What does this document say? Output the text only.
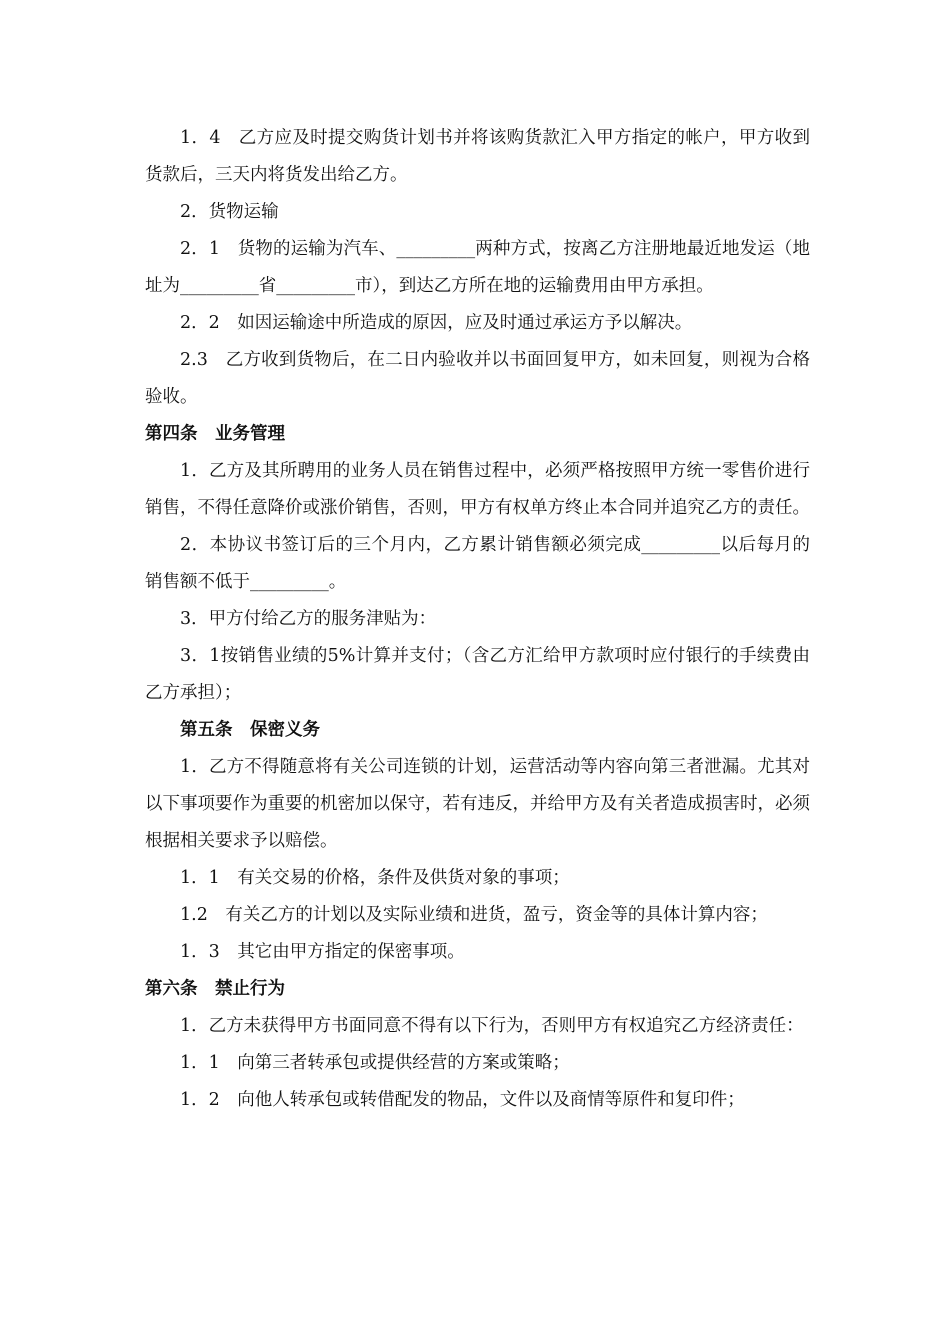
1．4　乙方应及时提交购货计划书并将该购货款汇入甲方指定的帐户，甲方收到货款后，三天内将货发出给乙方。

2．货物运输

2．1　货物的运输为汽车、_________两种方式，按离乙方注册地最近地发运（地址为_________省_________市），到达乙方所在地的运输费用由甲方承担。

2．2　如因运输途中所造成的原因，应及时通过承运方予以解决。

2.3　乙方收到货物后，在二日内验收并以书面回复甲方，如未回复，则视为合格验收。

第四条　业务管理

1．乙方及其所聘用的业务人员在销售过程中，必须严格按照甲方统一零售价进行销售，不得任意降价或涨价销售，否则，甲方有权单方终止本合同并追究乙方的责任。

2．本协议书签订后的三个月内，乙方累计销售额必须完成_________以后每月的销售额不低于_________。

3．甲方付给乙方的服务津贴为：

3．1按销售业绩的5%计算并支付；（含乙方汇给甲方款项时应付银行的手续费由乙方承担）；

第五条　保密义务

1．乙方不得随意将有关公司连锁的计划，运营活动等内容向第三者泄漏。尤其对以下事项要作为重要的机密加以保守，若有违反，并给甲方及有关者造成损害时，必须根据相关要求予以赔偿。

1．1　有关交易的价格，条件及供货对象的事项；

1.2　有关乙方的计划以及实际业绩和进货，盈亏，资金等的具体计算内容；

1．3　其它由甲方指定的保密事项。

第六条　禁止行为

1．乙方未获得甲方书面同意不得有以下行为，否则甲方有权追究乙方经济责任：

1．1　向第三者转承包或提供经营的方案或策略；

1．2　向他人转承包或转借配发的物品，文件以及商情等原件和复印件；
